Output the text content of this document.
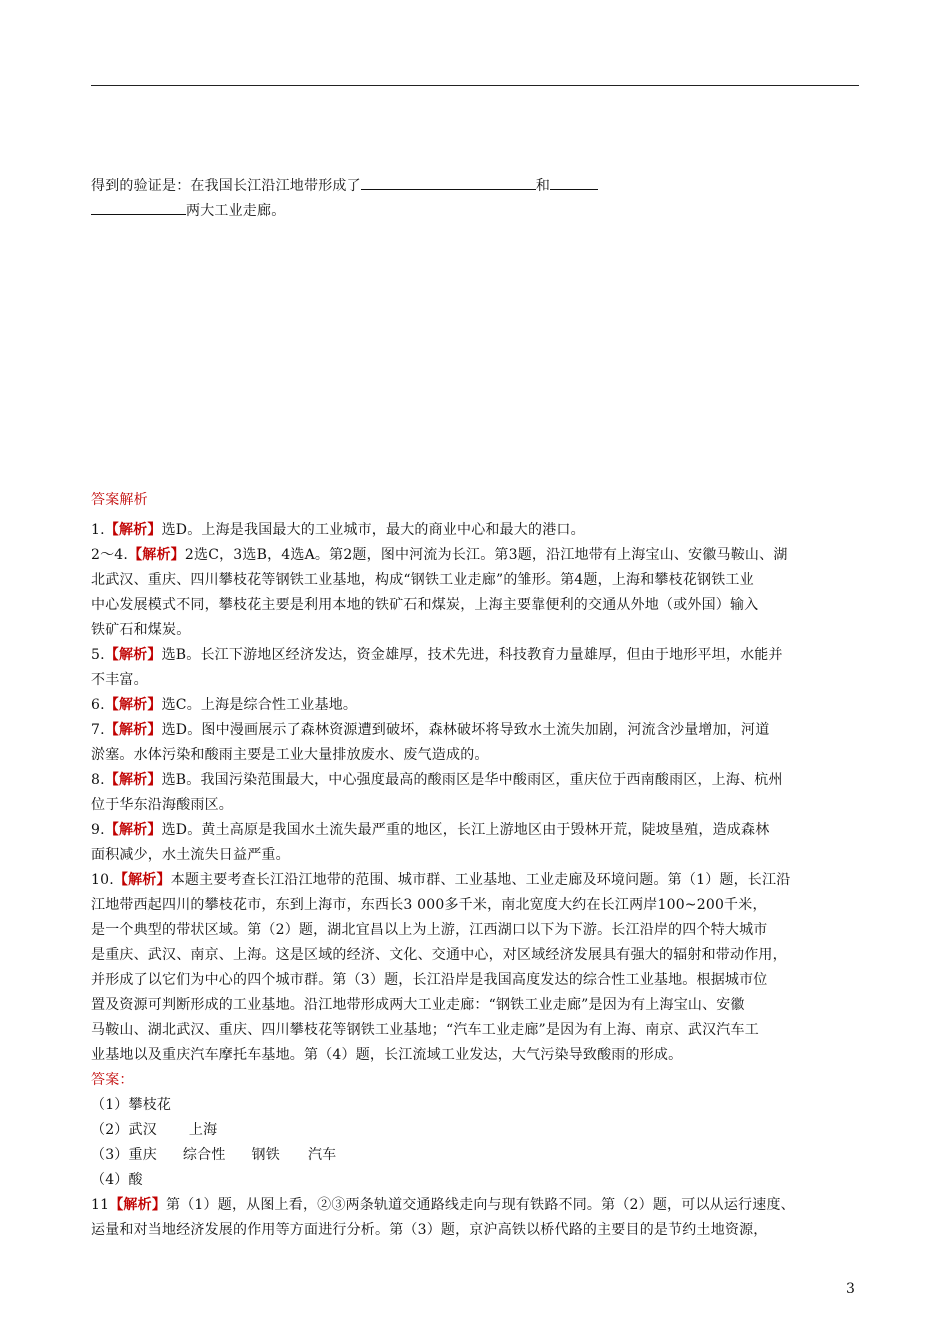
得到的验证是：在我国长江沿江地带形成了	和
两大工业走廊。
答案解析
1.【解析】选D。上海是我国最大的工业城市，最大的商业中心和最大的港口。
2～4.【解析】2选C，3选B，4选A。第2题，图中河流为长江。第3题，沿江地带有上海宝山、安徽马鞍山、湖
北武汉、重庆、四川攀枝花等钢铁工业基地，构成“钢铁工业走廊”的雏形。第4题，上海和攀枝花钢铁工业
中心发展模式不同，攀枝花主要是利用本地的铁矿石和煤炭，上海主要靠便利的交通从外地（或外国）输入
铁矿石和煤炭。
5.【解析】选B。长江下游地区经济发达，资金雄厚，技术先进，科技教育力量雄厚，但由于地形平坦，水能并
不丰富。
6.【解析】选C。上海是综合性工业基地。
7.【解析】选D。图中漫画展示了森林资源遭到破坏，森林破坏将导致水土流失加剧，河流含沙量增加，河道
淤塞。水体污染和酸雨主要是工业大量排放废水、废气造成的。
8.【解析】选B。我国污染范围最大，中心强度最高的酸雨区是华中酸雨区，重庆位于西南酸雨区，上海、杭州
位于华东沿海酸雨区。
9.【解析】选D。黄土高原是我国水土流失最严重的地区，长江上游地区由于毁林开荒，陡坡垦殖，造成森林
面积减少，水土流失日益严重。
10.【解析】本题主要考查长江沿江地带的范围、城市群、工业基地、工业走廊及环境问题。第（1）题，长江沿
江地带西起四川的攀枝花市，东到上海市，东西长3 000多千米，南北宽度大约在长江两岸100~200千米，
是一个典型的带状区域。第（2）题，湖北宜昌以上为上游，江西湖口以下为下游。长江沿岸的四个特大城市
是重庆、武汉、南京、上海。这是区域的经济、文化、交通中心，对区域经济发展具有强大的辐射和带动作用，
并形成了以它们为中心的四个城市群。第（3）题，长江沿岸是我国高度发达的综合性工业基地。根据城市位
置及资源可判断形成的工业基地。沿江地带形成两大工业走廊：“钢铁工业走廊”是因为有上海宝山、安徽
马鞍山、湖北武汉、重庆、四川攀枝花等钢铁工业基地；“汽车工业走廊”是因为有上海、南京、武汉汽车工
业基地以及重庆汽车摩托车基地。第（4）题，长江流域工业发达，大气污染导致酸雨的形成。
答案：
（1）攀枝花
（2）武汉 上海
（3）重庆 综合性 钢铁 汽车
（4）酸
11【解析】第（1）题，从图上看，②③两条轨道交通路线走向与现有铁路不同。第（2）题，可以从运行速度、
运量和对当地经济发展的作用等方面进行分析。第（3）题，京沪高铁以桥代路的主要目的是节约土地资源，
3
